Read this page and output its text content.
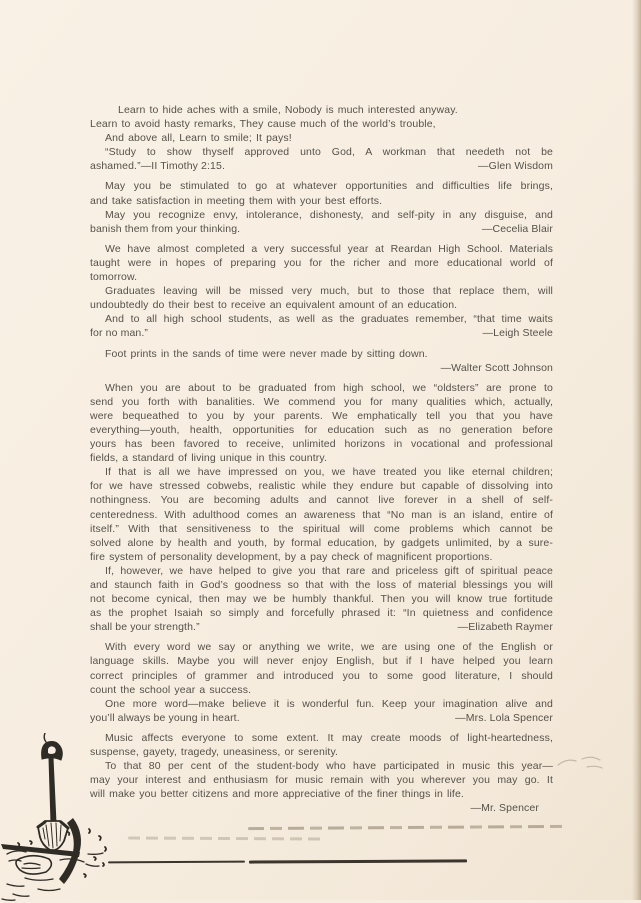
Learn to hide aches with a smile, Nobody is much interested anyway.
Learn to avoid hasty remarks, They cause much of the world’s trouble,
And above all, Learn to smile; It pays!
“Study to show thyself approved unto God, A workman that needeth not be
ashamed.”—II Timothy 2:15.	—Glen Wisdom
May you be stimulated to go at whatever opportunities and difficulties life brings,
and take satisfaction in meeting them with your best efforts.
May you recognize envy, intolerance, dishonesty, and self-pity in any disguise, and
banish them from your thinking.	—Cecelia Blair
We have almost completed a very successful year at Reardan High School. Materials
taught were in hopes of preparing you for the richer and more educational world of
tomorrow.
Graduates leaving will be missed very much, but to those that replace them, will
undoubtedly do their best to receive an equivalent amount of an education.
And to all high school students, as well as the graduates remember, “that time waits
for no man.”	—Leigh Steele
Foot prints in the sands of time were never made by sitting down.
—Walter Scott Johnson
When you are about to be graduated from high school, we “oldsters” are prone to
send you forth with banalities. We commend you for many qualities which, actually,
were bequeathed to you by your parents. We emphatically tell you that you have
everything—youth, health, opportunities for education such as no generation before
yours has been favored to receive, unlimited horizons in vocational and professional
fields, a standard of living unique in this country.
If that is all we have impressed on you, we have treated you like eternal children;
for we have stressed cobwebs, realistic while they endure but capable of dissolving into
nothingness. You are becoming adults and cannot live forever in a shell of self-
centeredness. With adulthood comes an awareness that “No man is an island, entire of
itself.” With that sensitiveness to the spiritual will come problems which cannot be
solved alone by health and youth, by formal education, by gadgets unlimited, by a sure-
fire system of personality development, by a pay check of magnificent proportions.
If, however, we have helped to give you that rare and priceless gift of spiritual peace
and staunch faith in God’s goodness so that with the loss of material blessings you will
not become cynical, then may we be humbly thankful. Then you will know true fortitude
as the prophet Isaiah so simply and forcefully phrased it: “In quietness and confidence
shall be your strength.”	—Elizabeth Raymer
With every word we say or anything we write, we are using one of the English or
language skills. Maybe you will never enjoy English, but if I have helped you learn
correct principles of grammer and introduced you to some good literature, I should
count the school year a success.
One more word—make believe it is wonderful fun. Keep your imagination alive and
you’ll always be young in heart.	—Mrs. Lola Spencer
Music affects everyone to some extent. It may create moods of light-heartedness,
suspense, gayety, tragedy, uneasiness, or serenity.
To that 80 per cent of the student-body who have participated in music this year—
may your interest and enthusiasm for music remain with you wherever you may go. It
will make you better citizens and more appreciative of the finer things in life.
—Mr. Spencer
